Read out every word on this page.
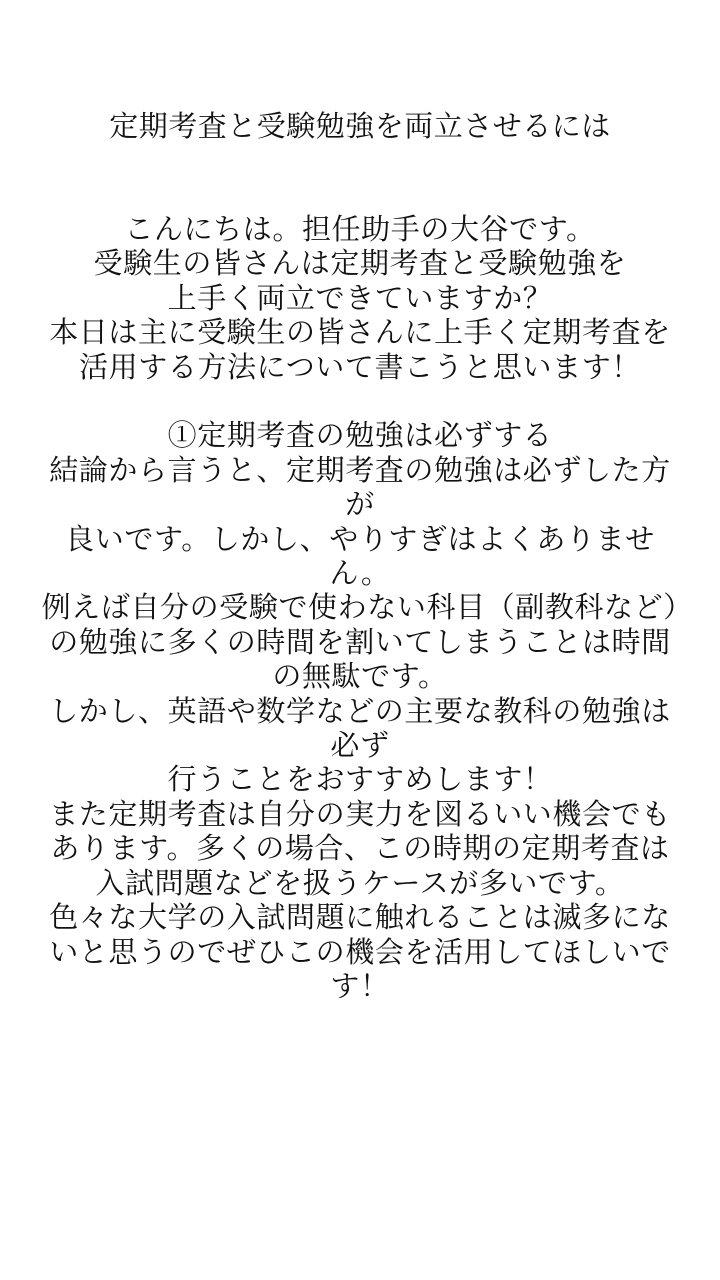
定期考査と受験勉強を両立させるには

こんにちは。担任助手の大谷です。

受験生の皆さんは定期考査と受験勉強を

上手く両立できていますか？

本日は主に受験生の皆さんに上手く定期考査を活用する方法について書こうと思います！

①定期考査の勉強は必ずする

結論から言うと、定期考査の勉強は必ずした方が

良いです。しかし、やりすぎはよくありません。

例えば自分の受験で使わない科目（副教科など）の勉強に多くの時間を割いてしまうことは時間の無駄です。

しかし、英語や数学などの主要な教科の勉強は必ず

行うことをおすすめします！

また定期考査は自分の実力を図るいい機会でもあります。多くの場合、この時期の定期考査は入試問題などを扱うケースが多いです。

色々な大学の入試問題に触れることは滅多にないと思うのでぜひこの機会を活用してほしいです！
